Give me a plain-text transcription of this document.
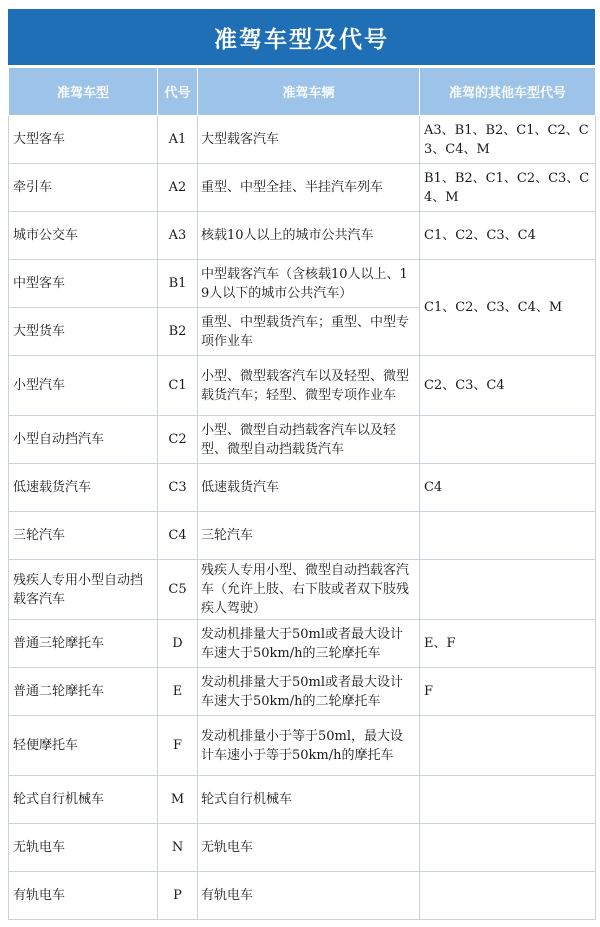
准驾车型及代号
准驾车型	代号	准驾车辆	准驾的其他车型代号
大型客车	A1	大型载客汽车	A3、B1、B2、C1、C2、C3、C4、M
牵引车	A2	重型、中型全挂、半挂汽车列车	B1、B2、C1、C2、C3、C4、M
城市公交车	A3	核载10人以上的城市公共汽车	C1、C2、C3、C4
中型客车	B1	中型载客汽车（含核载10人以上、19人以下的城市公共汽车）	C1、C2、C3、C4、M
大型货车	B2	重型、中型载货汽车；重型、中型专项作业车	
小型汽车	C1	小型、微型载客汽车以及轻型、微型载货汽车；轻型、微型专项作业车	C2、C3、C4
小型自动挡汽车	C2	小型、微型自动挡载客汽车以及轻型、微型自动挡载货汽车	
低速载货汽车	C3	低速载货汽车	C4
三轮汽车	C4	三轮汽车	
残疾人专用小型自动挡载客汽车	C5	残疾人专用小型、微型自动挡载客汽车（允许上肢、右下肢或者双下肢残疾人驾驶）	
普通三轮摩托车	D	发动机排量大于50ml或者最大设计车速大于50km/h的三轮摩托车	E、F
普通二轮摩托车	E	发动机排量大于50ml或者最大设计车速大于50km/h的二轮摩托车	F
轻便摩托车	F	发动机排量小于等于50ml，最大设计车速小于等于50km/h的摩托车	
轮式自行机械车	M	轮式自行机械车	
无轨电车	N	无轨电车	
有轨电车	P	有轨电车	
